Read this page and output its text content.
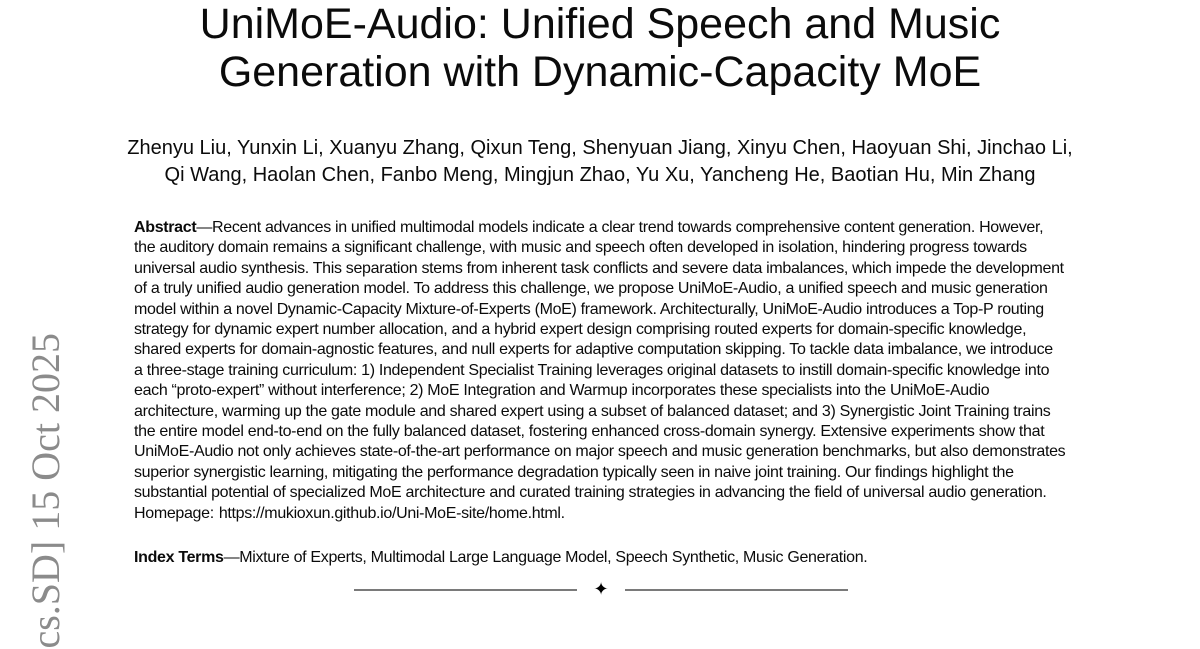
cs.SD] 15 Oct 2025
UniMoE-Audio: Unified Speech and Music
Generation with Dynamic-Capacity MoE
Zhenyu Liu, Yunxin Li, Xuanyu Zhang, Qixun Teng, Shenyuan Jiang, Xinyu Chen, Haoyuan Shi, Jinchao Li,
Qi Wang, Haolan Chen, Fanbo Meng, Mingjun Zhao, Yu Xu, Yancheng He, Baotian Hu, Min Zhang
Abstract—Recent advances in unified multimodal models indicate a clear trend towards comprehensive content generation. However,
the auditory domain remains a significant challenge, with music and speech often developed in isolation, hindering progress towards
universal audio synthesis. This separation stems from inherent task conflicts and severe data imbalances, which impede the development
of a truly unified audio generation model. To address this challenge, we propose UniMoE-Audio, a unified speech and music generation
model within a novel Dynamic-Capacity Mixture-of-Experts (MoE) framework. Architecturally, UniMoE-Audio introduces a Top-P routing
strategy for dynamic expert number allocation, and a hybrid expert design comprising routed experts for domain-specific knowledge,
shared experts for domain-agnostic features, and null experts for adaptive computation skipping. To tackle data imbalance, we introduce
a three-stage training curriculum: 1) Independent Specialist Training leverages original datasets to instill domain-specific knowledge into
each “proto-expert” without interference; 2) MoE Integration and Warmup incorporates these specialists into the UniMoE-Audio
architecture, warming up the gate module and shared expert using a subset of balanced dataset; and 3) Synergistic Joint Training trains
the entire model end-to-end on the fully balanced dataset, fostering enhanced cross-domain synergy. Extensive experiments show that
UniMoE-Audio not only achieves state-of-the-art performance on major speech and music generation benchmarks, but also demonstrates
superior synergistic learning, mitigating the performance degradation typically seen in naive joint training. Our findings highlight the
substantial potential of specialized MoE architecture and curated training strategies in advancing the field of universal audio generation.
Homepage: https://mukioxun.github.io/Uni-MoE-site/home.html.
Index Terms—Mixture of Experts, Multimodal Large Language Model, Speech Synthetic, Music Generation.
✦
